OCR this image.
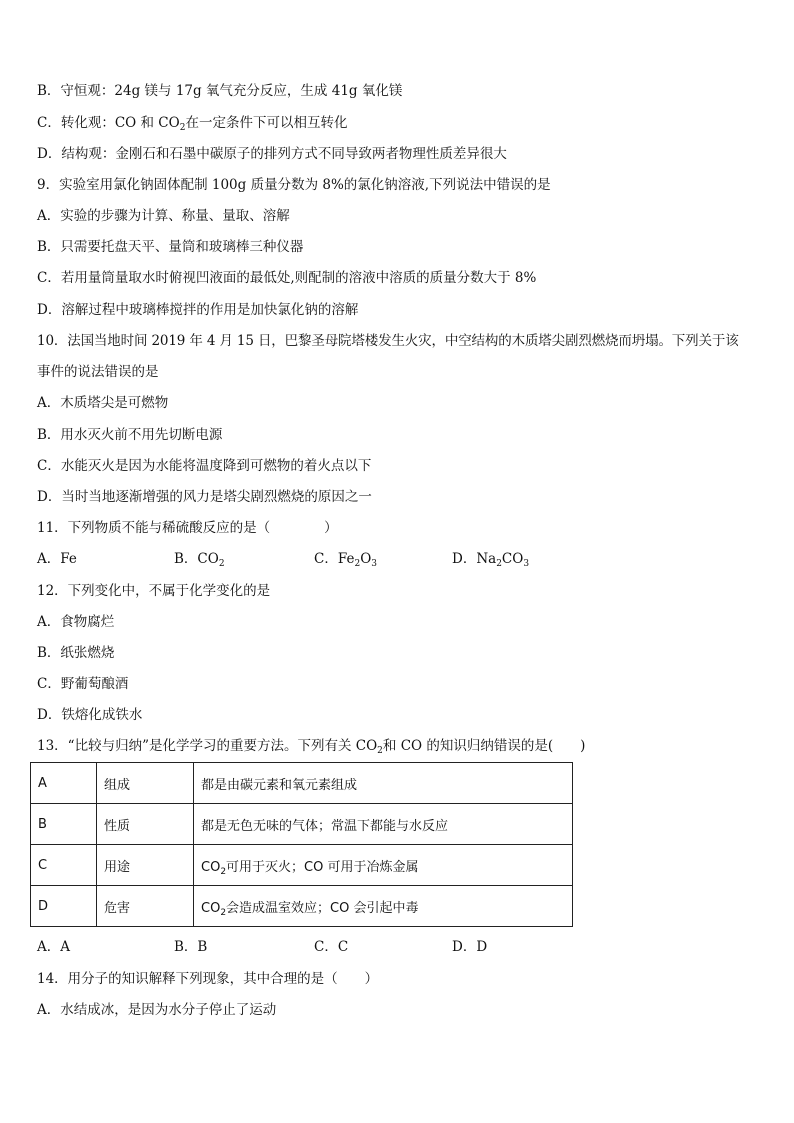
B．守恒观：24g 镁与 17g 氧气充分反应，生成 41g 氧化镁
C．转化观：CO 和 $CO_2$在一定条件下可以相互转化
D．结构观：金刚石和石墨中碳原子的排列方式不同导致两者物理性质差异很大
9．实验室用氯化钠固体配制 100g 质量分数为 8%的氯化钠溶液,下列说法中错误的是
A．实验的步骤为计算、称量、量取、溶解
B．只需要托盘天平、量筒和玻璃棒三种仪器
C．若用量筒量取水时俯视凹液面的最低处,则配制的溶液中溶质的质量分数大于 8%
D．溶解过程中玻璃棒搅拌的作用是加快氯化钠的溶解
10．法国当地时间 2019 年 4 月 15 日，巴黎圣母院塔楼发生火灾，中空结构的木质塔尖剧烈燃烧而坍塌。下列关于该
事件的说法错误的是
A．木质塔尖是可燃物
B．用水灭火前不用先切断电源
C．水能灭火是因为水能将温度降到可燃物的着火点以下
D．当时当地逐渐增强的风力是塔尖剧烈燃烧的原因之一
11．下列物质不能与稀硫酸反应的是（　　　　）
A．Fe	B．$CO_2$	C．$Fe_2O_3$	D．$Na_2CO_3$
12．下列变化中，不属于化学变化的是
A．食物腐烂
B．纸张燃烧
C．野葡萄酿酒
D．铁熔化成铁水
13．“比较与归纳”是化学学习的重要方法。下列有关 $CO_2$和 CO 的知识归纳错误的是(　　)
A	组成	都是由碳元素和氧元素组成
B	性质	都是无色无味的气体；常温下都能与水反应
C	用途	$CO_2$可用于灭火；CO 可用于冶炼金属
D	危害	$CO_2$会造成温室效应；CO 会引起中毒
A．A	B．B	C．C	D．D
14．用分子的知识解释下列现象，其中合理的是（　　）
A．水结成冰，是因为水分子停止了运动
